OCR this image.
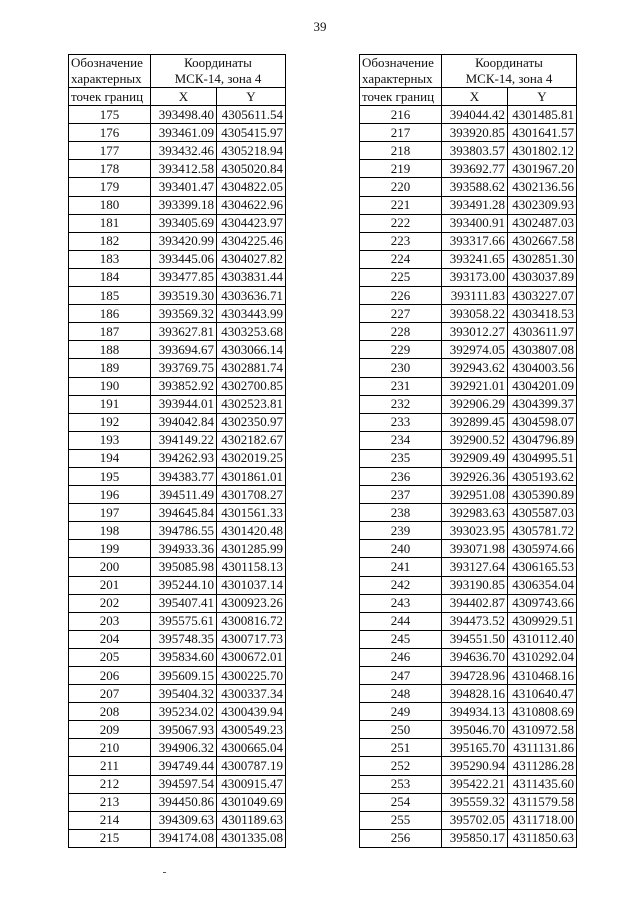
39
Обозначение
характерных	Координаты
МСК-14, зона 4	

точек границ	X	Y
175	393498.40	4305611.54
176	393461.09	4305415.97
177	393432.46	4305218.94
178	393412.58	4305020.84
179	393401.47	4304822.05
180	393399.18	4304622.96
181	393405.69	4304423.97
182	393420.99	4304225.46
183	393445.06	4304027.82
184	393477.85	4303831.44
185	393519.30	4303636.71
186	393569.32	4303443.99
187	393627.81	4303253.68
188	393694.67	4303066.14
189	393769.75	4302881.74
190	393852.92	4302700.85
191	393944.01	4302523.81
192	394042.84	4302350.97
193	394149.22	4302182.67
194	394262.93	4302019.25
195	394383.77	4301861.01
196	394511.49	4301708.27
197	394645.84	4301561.33
198	394786.55	4301420.48
199	394933.36	4301285.99
200	395085.98	4301158.13
201	395244.10	4301037.14
202	395407.41	4300923.26
203	395575.61	4300816.72
204	395748.35	4300717.73
205	395834.60	4300672.01
206	395609.15	4300225.70
207	395404.32	4300337.34
208	395234.02	4300439.94
209	395067.93	4300549.23
210	394906.32	4300665.04
211	394749.44	4300787.19
212	394597.54	4300915.47
213	394450.86	4301049.69
214	394309.63	4301189.63
215	394174.08	4301335.08
Обозначение
характерных	Координаты
МСК-14, зона 4	

точек границ	X	Y
216	394044.42	4301485.81
217	393920.85	4301641.57
218	393803.57	4301802.12
219	393692.77	4301967.20
220	393588.62	4302136.56
221	393491.28	4302309.93
222	393400.91	4302487.03
223	393317.66	4302667.58
224	393241.65	4302851.30
225	393173.00	4303037.89
226	393111.83	4303227.07
227	393058.22	4303418.53
228	393012.27	4303611.97
229	392974.05	4303807.08
230	392943.62	4304003.56
231	392921.01	4304201.09
232	392906.29	4304399.37
233	392899.45	4304598.07
234	392900.52	4304796.89
235	392909.49	4304995.51
236	392926.36	4305193.62
237	392951.08	4305390.89
238	392983.63	4305587.03
239	393023.95	4305781.72
240	393071.98	4305974.66
241	393127.64	4306165.53
242	393190.85	4306354.04
243	394402.87	4309743.66
244	394473.52	4309929.51
245	394551.50	4310112.40
246	394636.70	4310292.04
247	394728.96	4310468.16
248	394828.16	4310640.47
249	394934.13	4310808.69
250	395046.70	4310972.58
251	395165.70	4311131.86
252	395290.94	4311286.28
253	395422.21	4311435.60
254	395559.32	4311579.58
255	395702.05	4311718.00
256	395850.17	4311850.63
